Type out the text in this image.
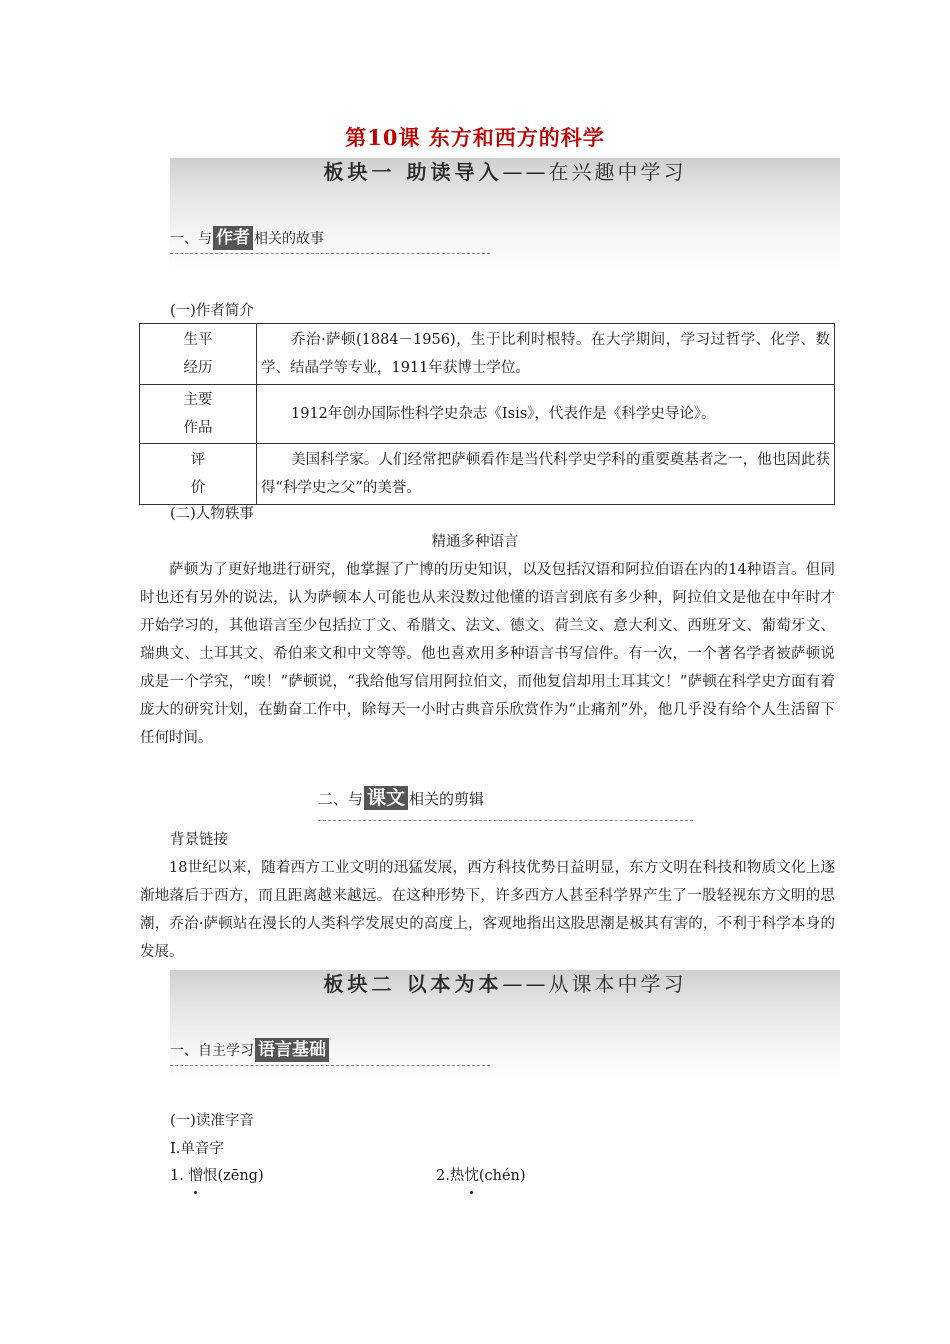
第10课 东方和西方的科学
板块一 助读导入——在兴趣中学习
一、与 作者 相关的故事
(一)作者简介
生平
经历	乔治·萨顿(1884－1956)，生于比利时根特。在大学期间，学习过哲学、化学、数学、结晶学等专业，1911年获博士学位。

主要
作品	1912年创办国际性科学史杂志《Isis》，代表作是《科学史导论》。

评
价	美国科学家。人们经常把萨顿看作是当代科学史学科的重要奠基者之一，他也因此获得“科学史之父”的美誉。
(二)人物轶事
精通多种语言

萨顿为了更好地进行研究，他掌握了广博的历史知识，以及包括汉语和阿拉伯语在内的14种语言。但同时也还有另外的说法，认为萨顿本人可能也从来没数过他懂的语言到底有多少种，阿拉伯文是他在中年时才开始学习的，其他语言至少包括拉丁文、希腊文、法文、德文、荷兰文、意大利文、西班牙文、葡萄牙文、瑞典文、土耳其文、希伯来文和中文等等。他也喜欢用多种语言书写信件。有一次，一个著名学者被萨顿说成是一个学究，“唉！”萨顿说，“我给他写信用阿拉伯文，而他复信却用土耳其文！”萨顿在科学史方面有着庞大的研究计划，在勤奋工作中，除每天一小时古典音乐欣赏作为“止痛剂”外，他几乎没有给个人生活留下任何时间。

二、与 课文 相关的剪辑
背景链接

18世纪以来，随着西方工业文明的迅猛发展，西方科技优势日益明显，东方文明在科技和物质文化上逐渐地落后于西方，而且距离越来越远。在这种形势下，许多西方人甚至科学界产生了一股轻视东方文明的思潮，乔治·萨顿站在漫长的人类科学发展史的高度上，客观地指出这股思潮是极其有害的，不利于科学本身的发展。

板块二 以本为本——从课本中学习
一、自主学习 语言基础
(一)读准字音
Ⅰ.单音字
1. 憎恨(zēng)	2.热忱(chén)
